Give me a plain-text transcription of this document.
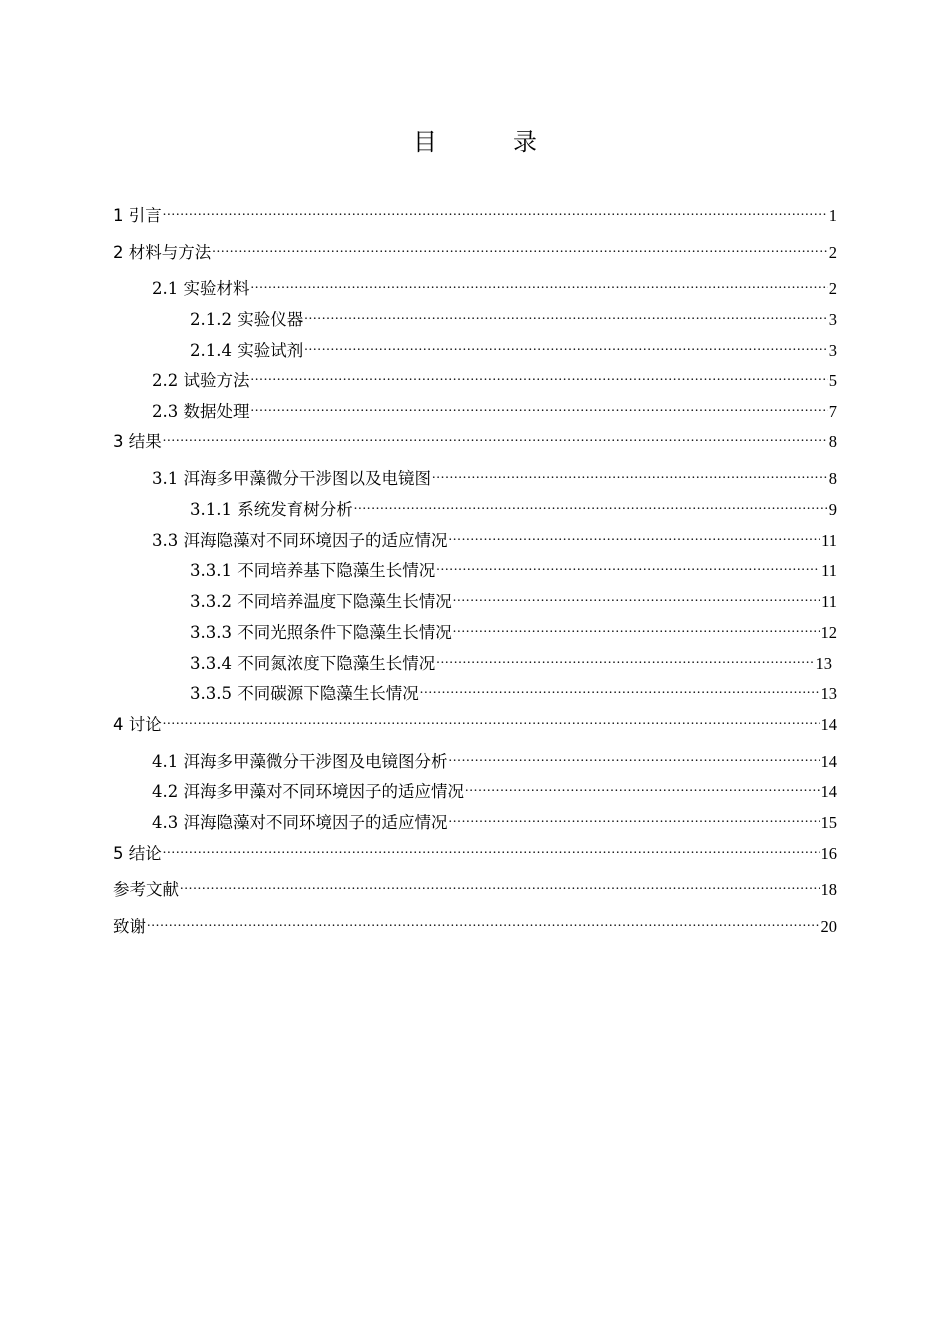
目　录
1 引言 .....	1
2 材料与方法 .....	2
2.1 实验材料 .....	2
2.1.2 实验仪器 .....	3
2.1.4 实验试剂 .....	3
2.2 试验方法 .....	5
2.3 数据处理 .....	7
3 结果 .....	8
3.1 洱海多甲藻微分干涉图以及电镜图 .....	8
3.1.1 系统发育树分析 .....	9
3.3 洱海隐藻对不同环境因子的适应情况 .....	11
3.3.1 不同培养基下隐藻生长情况 .....	11
3.3.2 不同培养温度下隐藻生长情况 .....	11
3.3.3 不同光照条件下隐藻生长情况 .....	12
3.3.4 不同氮浓度下隐藻生长情况 .....	13
3.3.5 不同碳源下隐藻生长情况 .....	13
4 讨论 .....	14
4.1 洱海多甲藻微分干涉图及电镜图分析 .....	14
4.2 洱海多甲藻对不同环境因子的适应情况 .....	14
4.3 洱海隐藻对不同环境因子的适应情况 .....	15
5 结论 .....	16
参考文献 .....	18
致谢 .....	20
